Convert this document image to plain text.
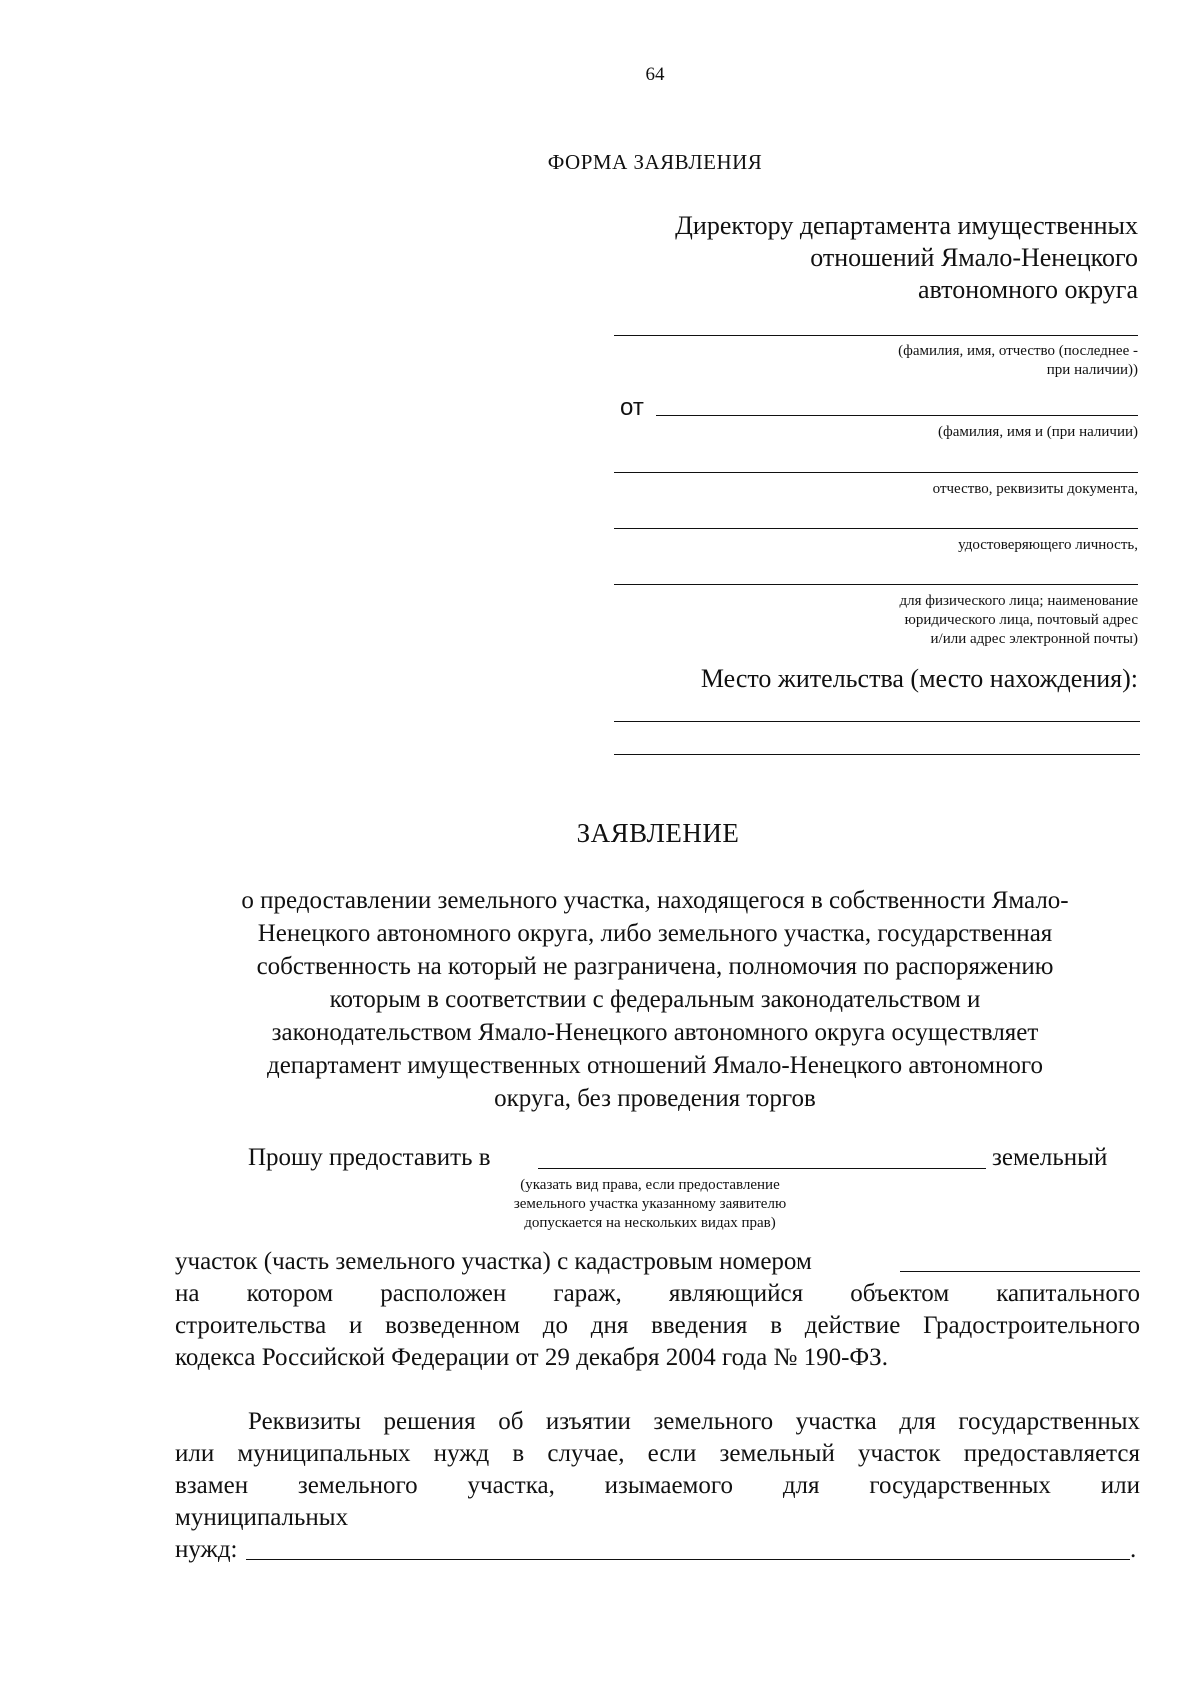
64
ФОРМА ЗАЯВЛЕНИЯ
Директору департамента имущественных
отношений Ямало-Ненецкого
автономного округа
(фамилия, имя, отчество (последнее -
при наличии))
от
(фамилия, имя и (при наличии)
отчество, реквизиты документа,
удостоверяющего личность,
для физического лица; наименование
юридического лица, почтовый адрес
и/или адрес электронной почты)
Место жительства (место нахождения):
ЗАЯВЛЕНИЕ
о предоставлении земельного участка, находящегося в собственности Ямало-
Ненецкого автономного округа, либо земельного участка, государственная
собственность на который не разграничена, полномочия по распоряжению
которым в соответствии с федеральным законодательством и
законодательством Ямало-Ненецкого автономного округа осуществляет
департамент имущественных отношений Ямало-Ненецкого автономного
округа, без проведения торгов
Прошу предоставить в	земельный
(указать вид права, если предоставление
земельного участка указанному заявителю
допускается на нескольких видах прав)
участок (часть земельного участка) с кадастровым номером
на котором расположен гараж, являющийся объектом капитального
строительства и возведенном до дня введения в действие Градостроительного
кодекса Российской Федерации от 29 декабря 2004 года № 190-ФЗ.
Реквизиты решения об изъятии земельного участка для государственных
или муниципальных нужд в случае, если земельный участок предоставляется
взамен земельного участка, изымаемого для государственных или
муниципальных
нужд:	.
